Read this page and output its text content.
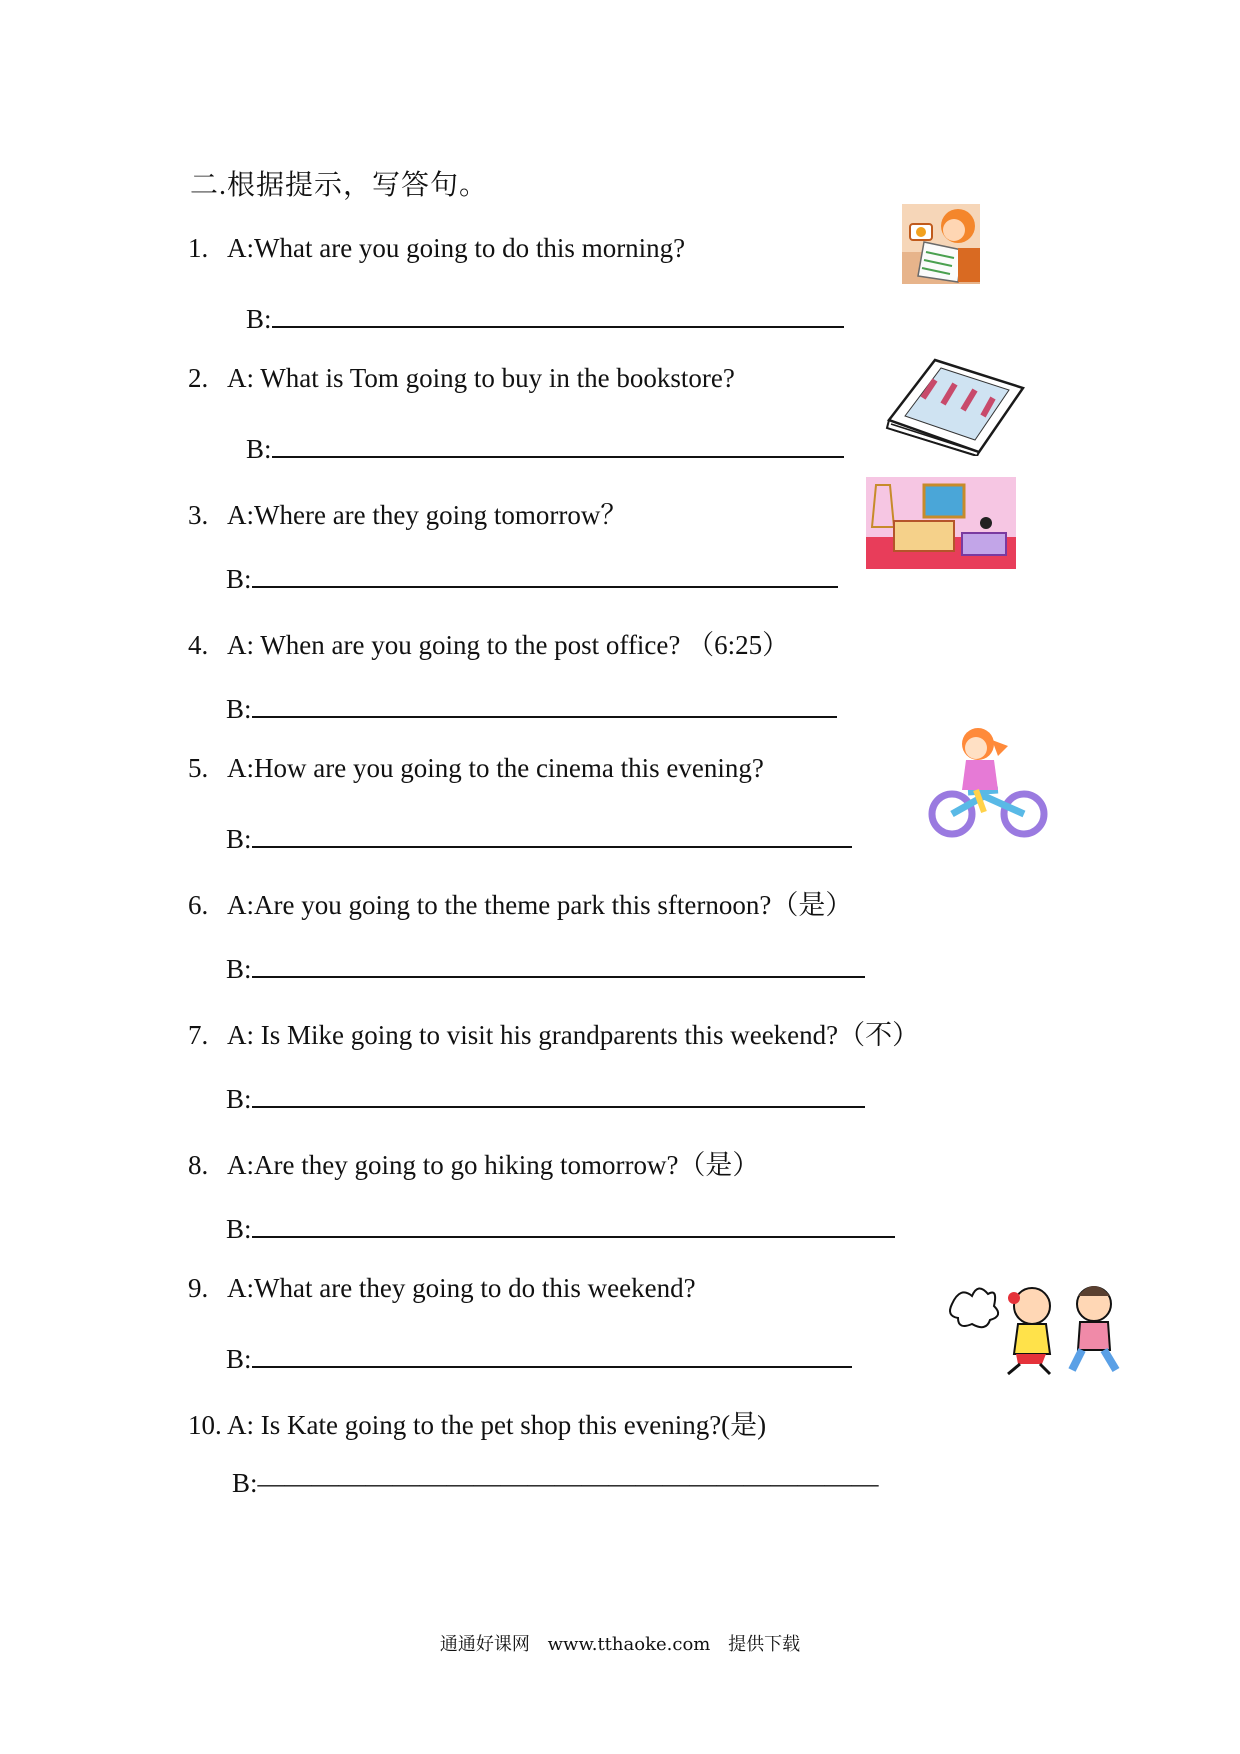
二.根据提示，写答句。
1. A:What are you going to do this morning?
B:
2. A: What is Tom going to buy in the bookstore?
B:
3. A:Where are they going tomorrow？
B:
4. A: When are you going to the post office? （6:25）
B:
5. A:How are you going to the cinema this evening?
B:
6. A:Are you going to the theme park this sfternoon?（是）
B:
7. A: Is Mike going to visit his grandparents this weekend?（不）
B:
8. A:Are they going to go hiking tomorrow?（是）
B:
9. A:What are they going to do this weekend?
B:
10. A: Is Kate going to the pet shop this evening?(是)
B:———————————————————————
通通好课网 www.tthaoke.com 提供下载
